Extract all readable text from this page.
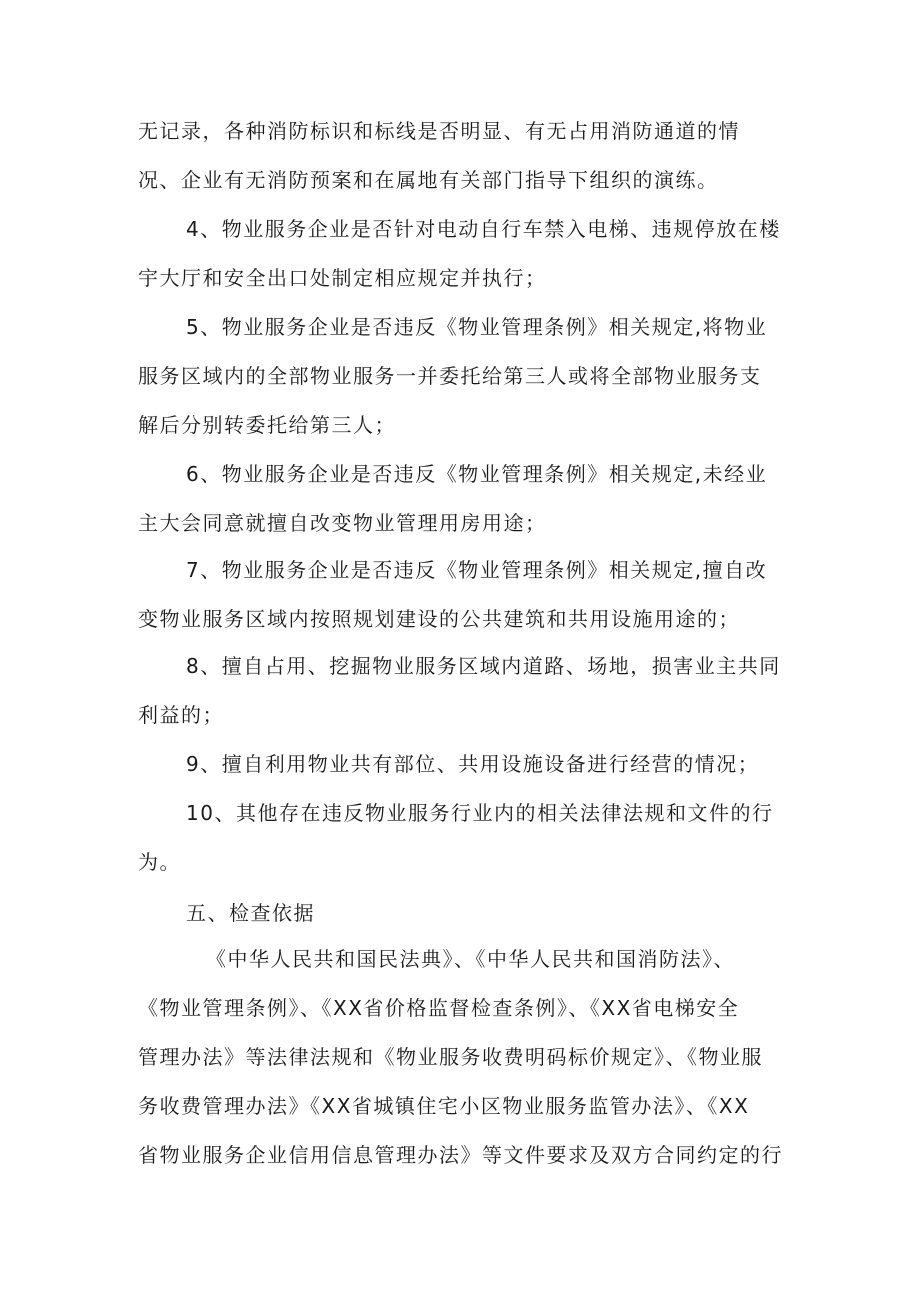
无记录，各种消防标识和标线是否明显、有无占用消防通道的情
况、企业有无消防预案和在属地有关部门指导下组织的演练。
4、物业服务企业是否针对电动自行车禁入电梯、违规停放在楼
宇大厅和安全出口处制定相应规定并执行；
5、物业服务企业是否违反《物业管理条例》相关规定,将物业
服务区域内的全部物业服务一并委托给第三人或将全部物业服务支
解后分别转委托给第三人；
6、物业服务企业是否违反《物业管理条例》相关规定,未经业
主大会同意就擅自改变物业管理用房用途；
7、物业服务企业是否违反《物业管理条例》相关规定,擅自改
变物业服务区域内按照规划建设的公共建筑和共用设施用途的；
8、擅自占用、挖掘物业服务区域内道路、场地，损害业主共同
利益的；
9、擅自利用物业共有部位、共用设施设备进行经营的情况；
10、其他存在违反物业服务行业内的相关法律法规和文件的行
为。
五、检查依据
《中华人民共和国民法典》、《中华人民共和国消防法》、
《物业管理条例》、《XX省价格监督检查条例》、《XX省电梯安全
管理办法》等法律法规和《物业服务收费明码标价规定》、《物业服
务收费管理办法》《XX省城镇住宅小区物业服务监管办法》、《XX
省物业服务企业信用信息管理办法》等文件要求及双方合同约定的行
